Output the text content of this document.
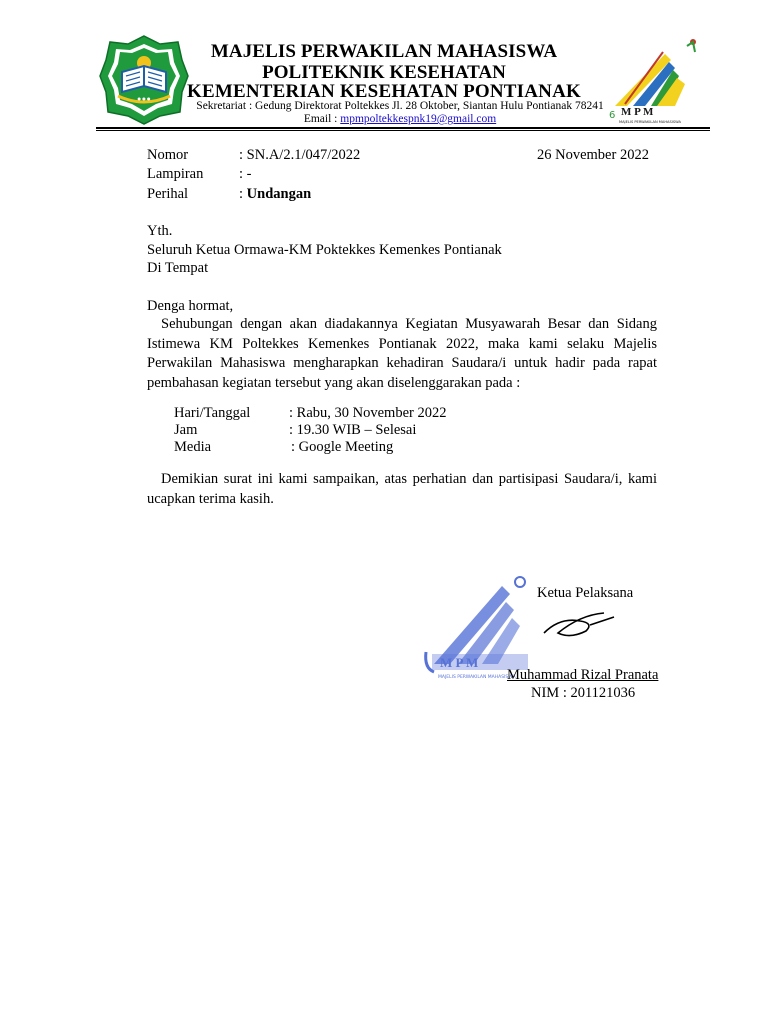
● ● ●
MAJELIS PERWAKILAN MAHASISWA
POLITEKNIK KESEHATAN
KEMENTERIAN KESEHATAN PONTIANAK
Sekretariat : Gedung Direktorat Poltekkes Jl. 28 Oktober, Siantan Hulu Pontianak 78241
Email : mpmpoltekkespnk19@gmail.com	6 M P M
MAJELIS PERWAKILAN MAHASISWA
Nomor	: SN.A/2.1/047/2022	26 November 2022
Lampiran : -
Perihal	: Undangan
Yth.
Seluruh Ketua Ormawa-KM Poktekkes Kemenkes Pontianak
Di Tempat
Denga hormat,
Sehubungan dengan akan diadakannya Kegiatan Musyawarah Besar dan Sidang Istimewa KM Poltekkes Kemenkes Pontianak 2022, maka kami selaku Majelis Perwakilan Mahasiswa mengharapkan kehadiran Saudara/i untuk hadir pada rapat pembahasan kegiatan tersebut yang akan diselenggarakan pada :
Hari/Tanggal	: Rabu, 30 November 2022
Jam	: 19.30 WIB – Selesai
Media	: Google Meeting
Demikian surat ini kami sampaikan, atas perhatian dan partisipasi Saudara/i, kami ucapkan terima kasih.
M P M
MAJELIS PERWAKILAN MAHASISWA
Ketua Pelaksana
Muhammad Rizal Pranata
NIM : 201121036
